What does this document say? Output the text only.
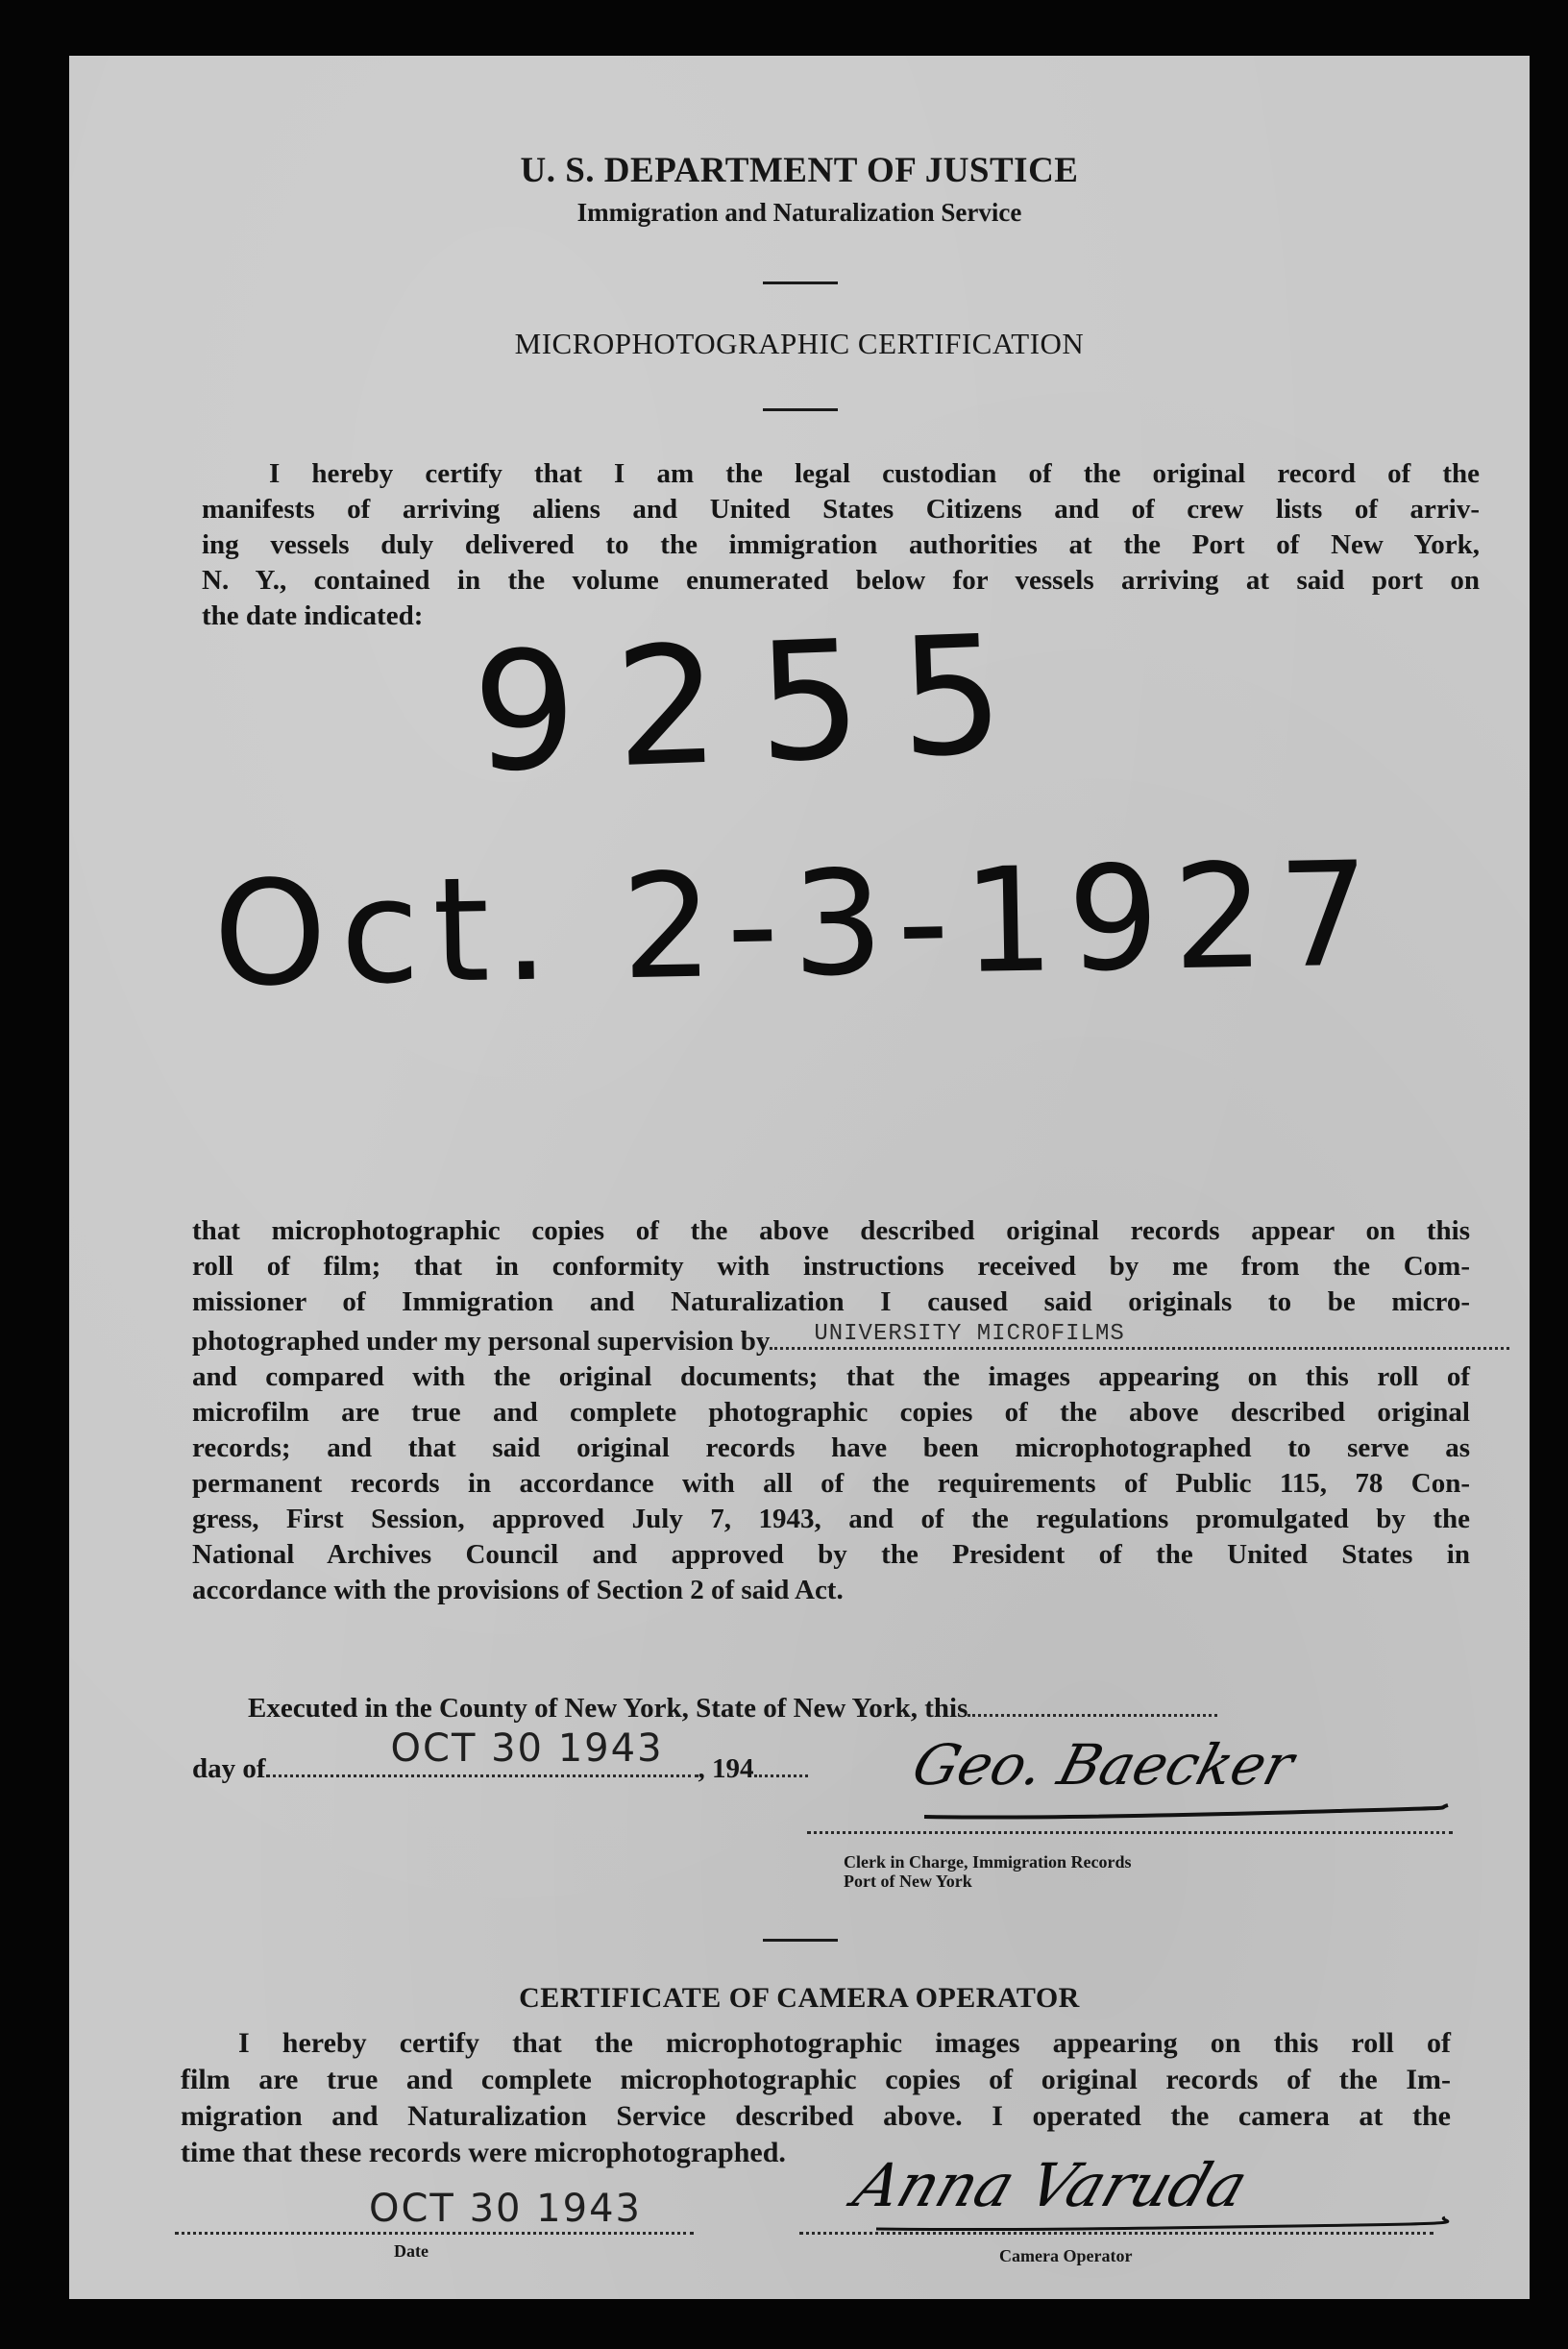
U. S. DEPARTMENT OF JUSTICE
Immigration and Naturalization Service
MICROPHOTOGRAPHIC CERTIFICATION
I hereby certify that I am the legal custodian of the original record of the
manifests of arriving aliens and United States Citizens and of crew lists of arriv-
ing vessels duly delivered to the immigration authorities at the Port of New York,
N. Y., contained in the volume enumerated below for vessels arriving at said port on
the date indicated: 9255
Oct. 2-3-1927
that microphotographic copies of the above described original records appear on this
roll of film; that in conformity with instructions received by me from the Com-
missioner of Immigration and Naturalization I caused said originals to be micro-
photographed under my personal supervision by UNIVERSITY MICROFILMS
and compared with the original documents; that the images appearing on this roll of
microfilm are true and complete photographic copies of the above described original
records; and that said original records have been microphotographed to serve as
permanent records in accordance with all of the requirements of Public 115, 78 Con-
gress, First Session, approved July 7, 1943, and of the regulations promulgated by the
National Archives Council and approved by the President of the United States in
accordance with the provisions of Section 2 of said Act.
Executed in the County of New York, State of New York, this
day of	OCT 30 1943 , 194	Geo. Baecker
Clerk in Charge, Immigration Records
Port of New York
CERTIFICATE OF CAMERA OPERATOR
I hereby certify that the microphotographic images appearing on this roll of
film are true and complete microphotographic copies of original records of the Im-
migration and Naturalization Service described above. I operated the camera at the
time that these records were microphotographed.
OCT 30 1943
Date
Anna Varuda
Camera Operator
